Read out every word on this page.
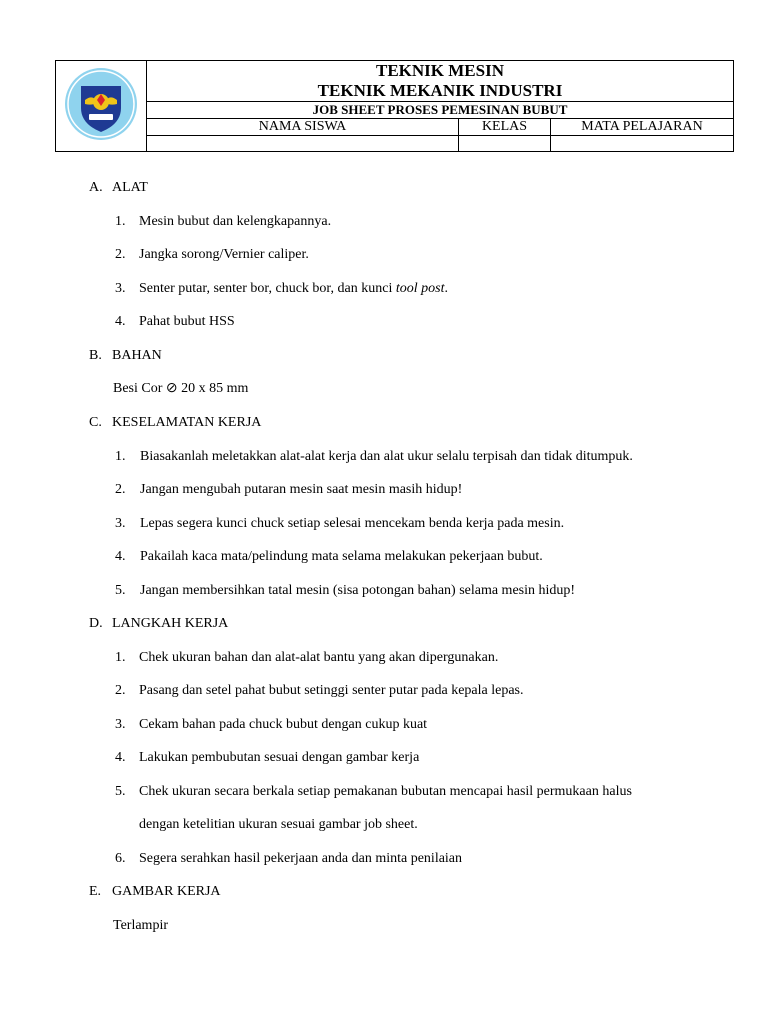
TEKNIK MESIN
TEKNIK MEKANIK INDUSTRI		

	JOB SHEET PROSES PEMESINAN BUBUT		
	NAMA SISWA	KELAS	MATA PELAJARAN

A. ALAT
1. Mesin bubut dan kelengkapannya.
2. Jangka sorong/Vernier caliper.
3. Senter putar, senter bor, chuck bor, dan kunci tool post.
4. Pahat bubut HSS
B. BAHAN
Besi Cor ⊘ 20 x 85 mm
C. KESELAMATAN KERJA
1. Biasakanlah meletakkan alat-alat kerja dan alat ukur selalu terpisah dan tidak ditumpuk.
2. Jangan mengubah putaran mesin saat mesin masih hidup!
3. Lepas segera kunci chuck setiap selesai mencekam benda kerja pada mesin.
4. Pakailah kaca mata/pelindung mata selama melakukan pekerjaan bubut.
5. Jangan membersihkan tatal mesin (sisa potongan bahan) selama mesin hidup!
D. LANGKAH KERJA
1. Chek ukuran bahan dan alat-alat bantu yang akan dipergunakan.
2. Pasang dan setel pahat bubut setinggi senter putar pada kepala lepas.
3. Cekam bahan pada chuck bubut dengan cukup kuat
4. Lakukan pembubutan sesuai dengan gambar kerja
5. Chek ukuran secara berkala setiap pemakanan bubutan mencapai hasil permukaan halus
dengan ketelitian ukuran sesuai gambar job sheet.
6. Segera serahkan hasil pekerjaan anda dan minta penilaian
E. GAMBAR KERJA
Terlampir
